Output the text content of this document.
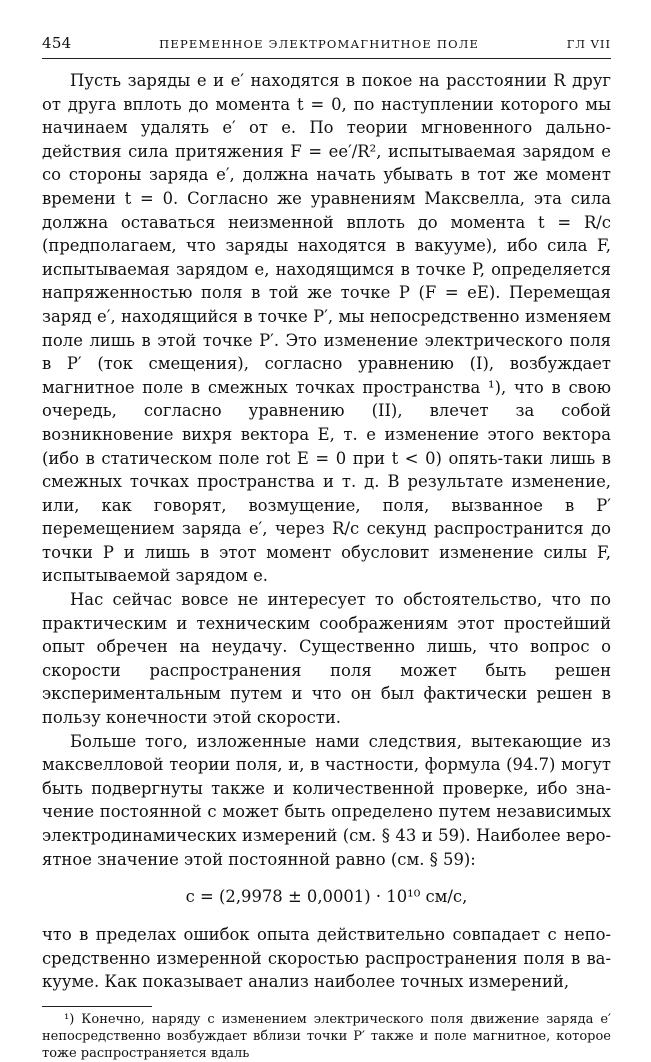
454	ПЕРЕМЕННОЕ ЭЛЕКТРОМАГНИТНОЕ ПОЛЕ	ГЛ VII

Пусть заряды e и e′ находятся в покое на расстоянии R друг от друга вплоть до момента t = 0, по наступлении которого мы начинаем удалять e′ от e. По теории мгновенного дальнодействия сила притяжения F = ee′/R², испытываемая зарядом e со стороны заряда e′, должна начать убывать в тот же момент времени t = 0. Согласно же уравнениям Максвелла, эта сила должна оставаться неизменной вплоть до момента t = R/c (предполагаем, что заряды находятся в вакууме), ибо сила F, испытываемая зарядом e, находящимся в точке P, определяется напряженностью поля в той же точке P (F = eE). Перемещая заряд e′, находящийся в точке P′, мы непосредственно изменяем поле лишь в этой точке P′. Это изменение электрического поля в P′ (ток смещения), согласно уравнению (I), возбуждает магнитное поле в смежных точках пространства ¹), что в свою очередь, согласно уравнению (II), влечет за собой возникновение вихря вектора E, т. е изменение этого вектора (ибо в статическом поле rot E = 0 при t < 0) опять-таки лишь в смежных точках пространства и т. д. В результате изменение, или, как говорят, возмущение, поля, вызванное в P′ перемещением заряда e′, через R/c секунд распространится до точки P и лишь в этот момент обусловит изменение силы F, испытываемой зарядом e.

Нас сейчас вовсе не интересует то обстоятельство, что по практическим и техническим соображениям этот простейший опыт обречен на неудачу. Существенно лишь, что вопрос о скорости распространения поля может быть решен экспериментальным путем и что он был фактически решен в пользу конечности этой скорости.

Больше того, изложенные нами следствия, вытекающие из максвелловой теории поля, и, в частности, формула (94.7) могут быть подвергнуты также и количественной проверке, ибо значение постоянной c может быть определено путем независимых электродинамических измерений (см. § 43 и 59). Наиболее вероятное значение этой постоянной равно (см. § 59):

c = (2,9978 ± 0,0001) · 10¹⁰ см/с,

что в пределах ошибок опыта действительно совпадает с непосредственно измеренной скоростью распространения поля в вакууме. Как показывает анализ наиболее точных измерений,

¹) Конечно, наряду с изменением электрического поля движение заряда e′ непосредственно возбуждает вблизи точки P′ также и поле магнитное, которое тоже распространяется вдаль
